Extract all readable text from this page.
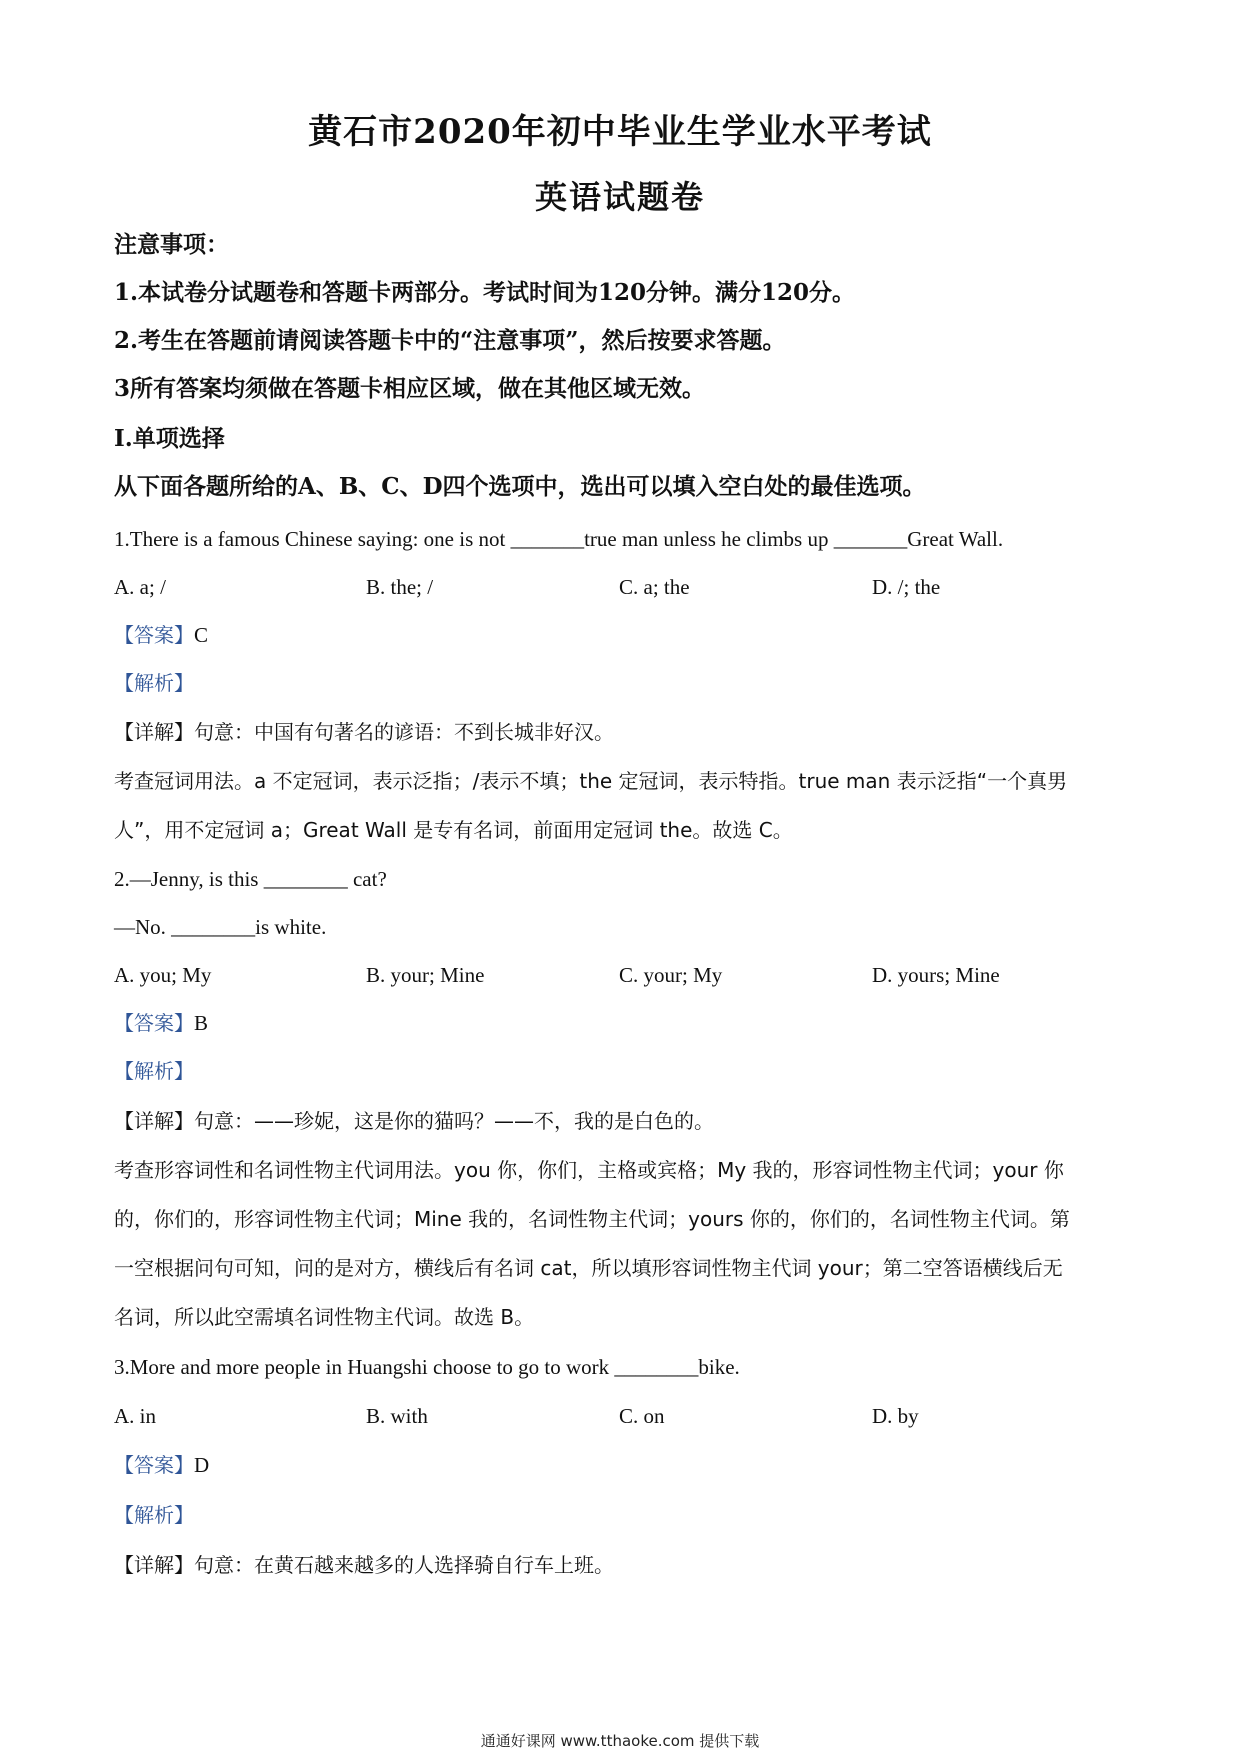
黄石市2020年初中毕业生学业水平考试
英语试题卷
注意事项：
1.本试卷分试题卷和答题卡两部分。考试时间为120分钟。满分120分。
2.考生在答题前请阅读答题卡中的“注意事项”，然后按要求答题。
3所有答案均须做在答题卡相应区域，做在其他区域无效。
I.单项选择
从下面各题所给的A、B、C、D四个选项中，选出可以填入空白处的最佳选项。
1.There is a famous Chinese saying: one is not _______true man unless he climbs up _______Great Wall.
A. a; /	B. the; /	C. a; the	D. /; the
【答案】C
【解析】
【详解】句意：中国有句著名的谚语：不到长城非好汉。
考查冠词用法。a 不定冠词，表示泛指；/表示不填；the 定冠词，表示特指。true man 表示泛指“一个真男
人”，用不定冠词 a；Great Wall 是专有名词，前面用定冠词 the。故选 C。
2.—Jenny, is this ________ cat?
—No. ________is white.
A. you; My	B. your; Mine	C. your; My	D. yours; Mine
【答案】B
【解析】
【详解】句意：——珍妮，这是你的猫吗？——不，我的是白色的。
考查形容词性和名词性物主代词用法。you 你，你们，主格或宾格；My 我的，形容词性物主代词；your 你
的，你们的，形容词性物主代词；Mine 我的，名词性物主代词；yours 你的，你们的，名词性物主代词。第
一空根据问句可知，问的是对方，横线后有名词 cat，所以填形容词性物主代词 your；第二空答语横线后无
名词，所以此空需填名词性物主代词。故选 B。
3.More and more people in Huangshi choose to go to work ________bike.
A. in	B. with	C. on	D. by
【答案】D
【解析】
【详解】句意：在黄石越来越多的人选择骑自行车上班。
通通好课网 www.tthaoke.com 提供下载
